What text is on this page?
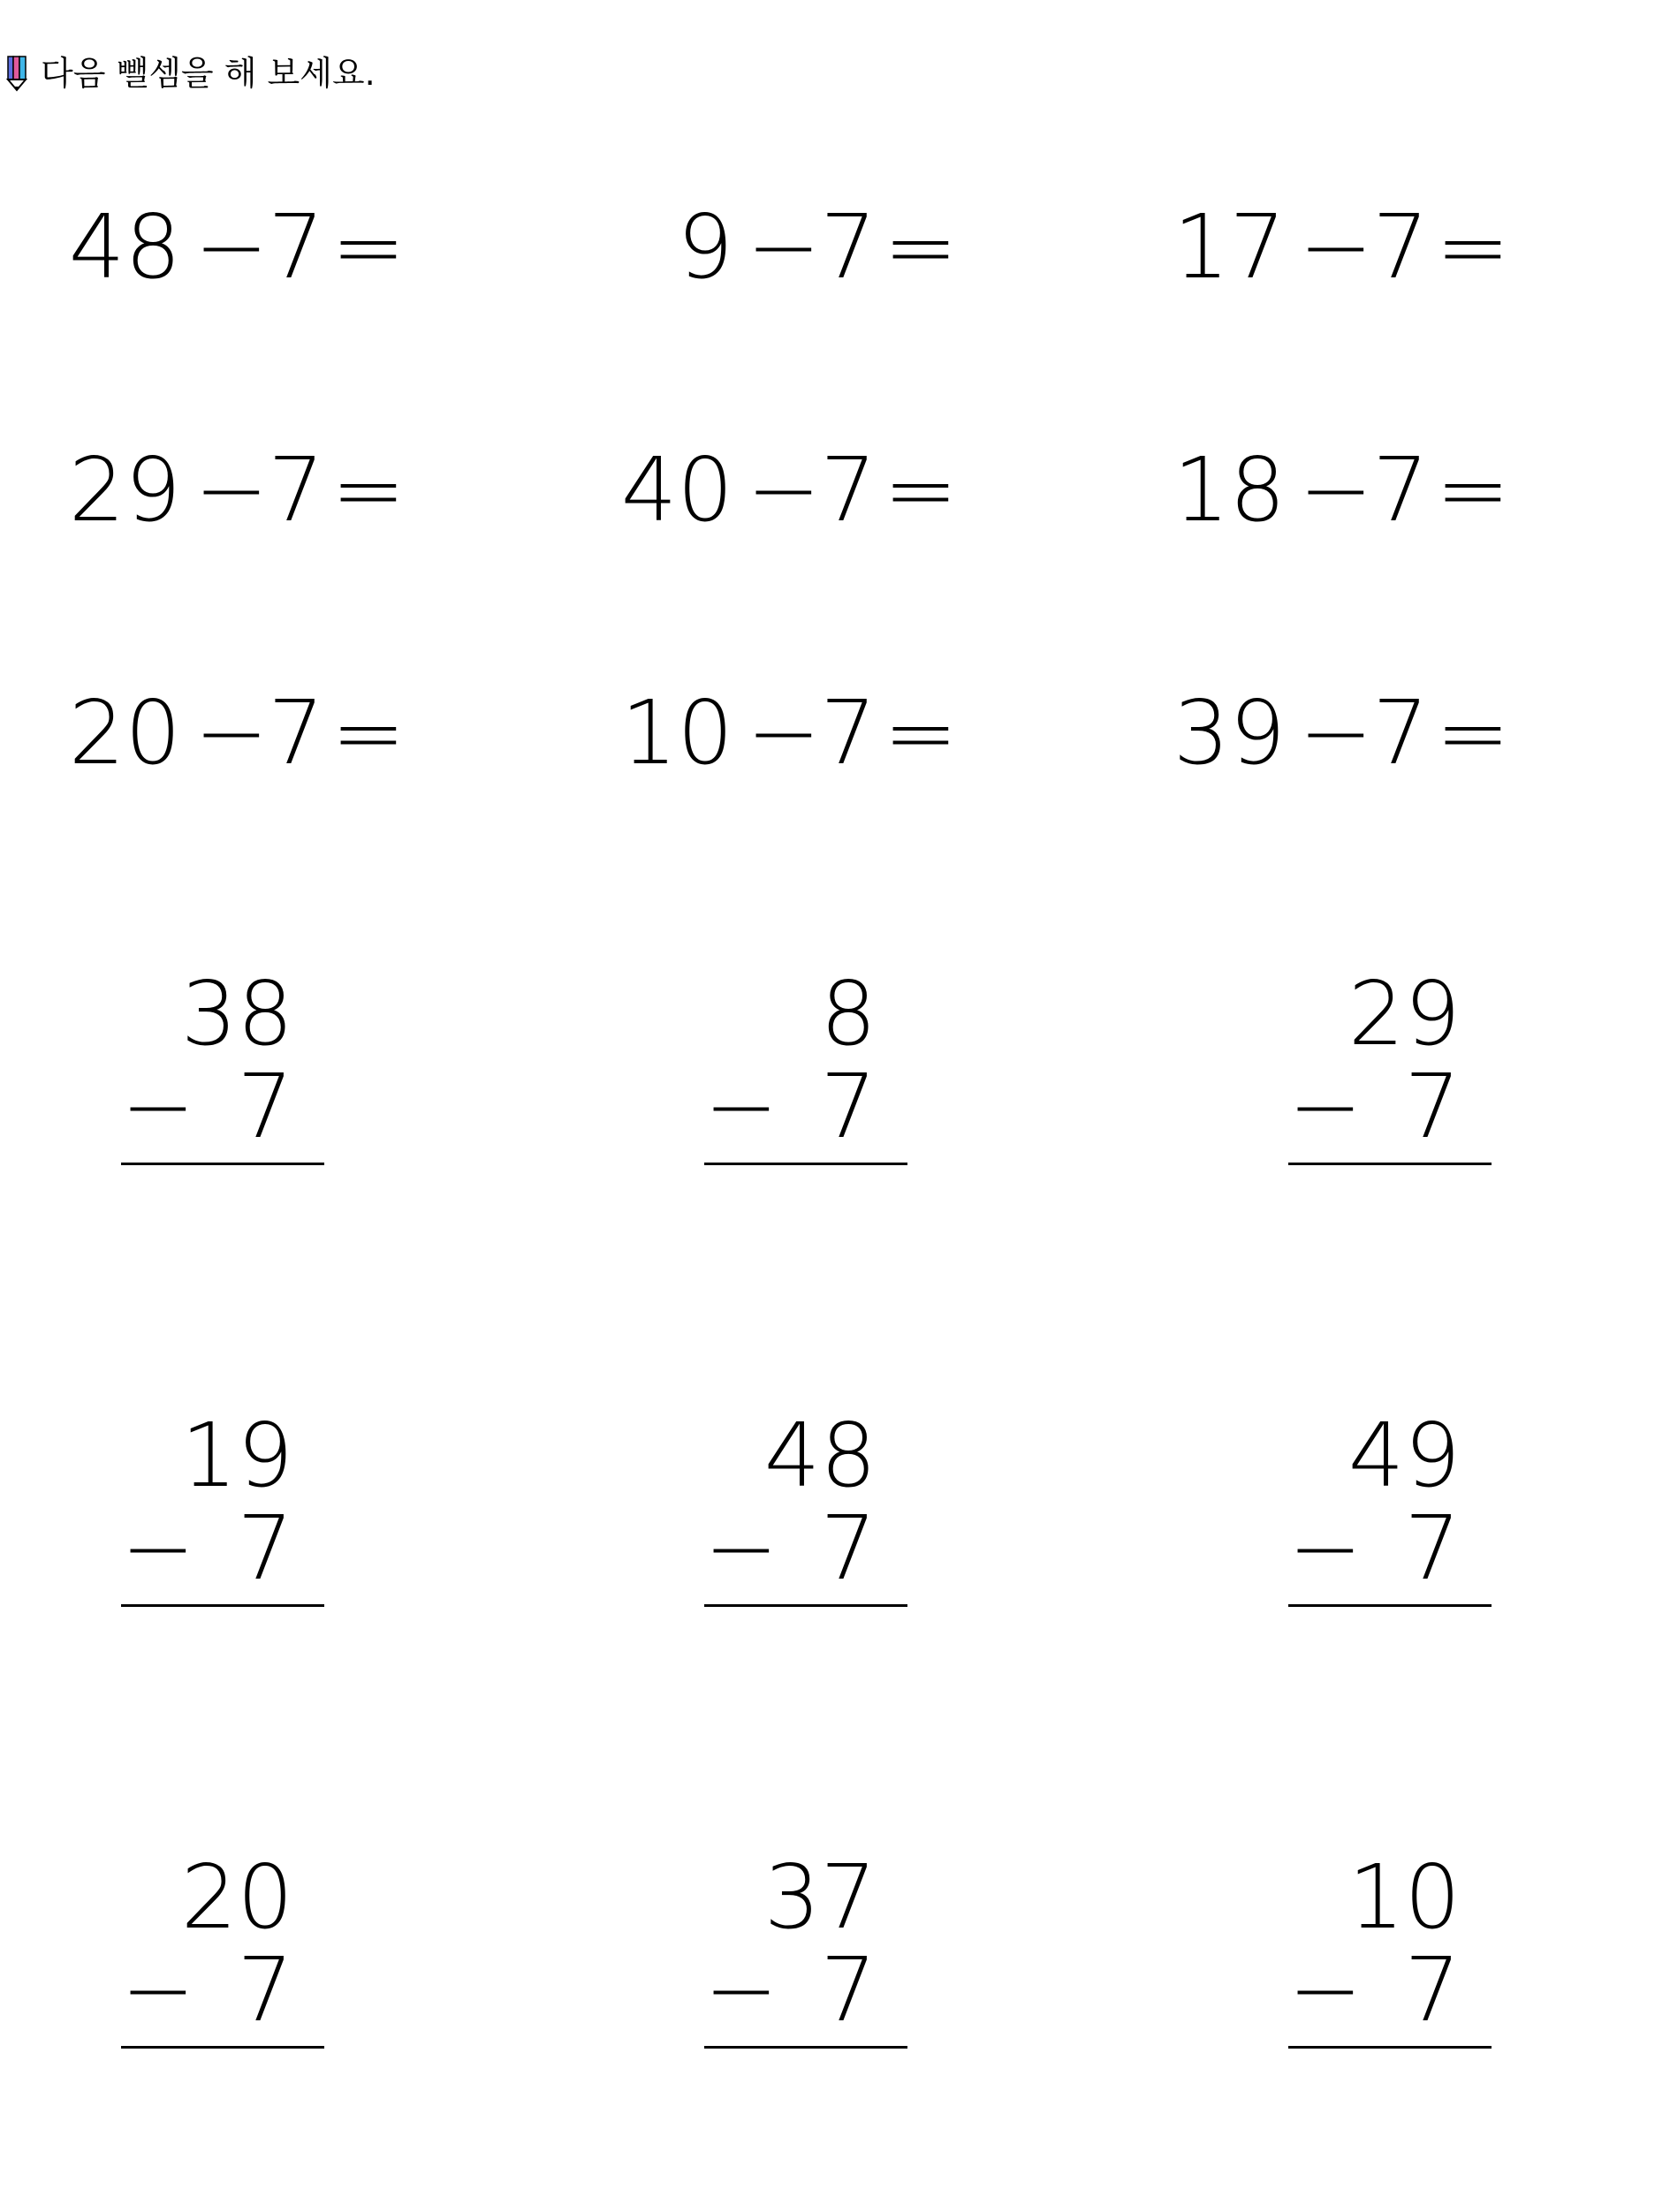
다음 뺄셈을 해 보세요.
48 − 7 =	9 − 7 = 17 − 7 =
29 − 7 = 40 − 7 = 18 − 7 =
20 − 7 = 10 − 7 = 39 − 7 =
38
− 7
8
− 7
29
− 7
19
− 7
48
− 7
49
− 7
20
− 7
37
− 7
10
− 7
